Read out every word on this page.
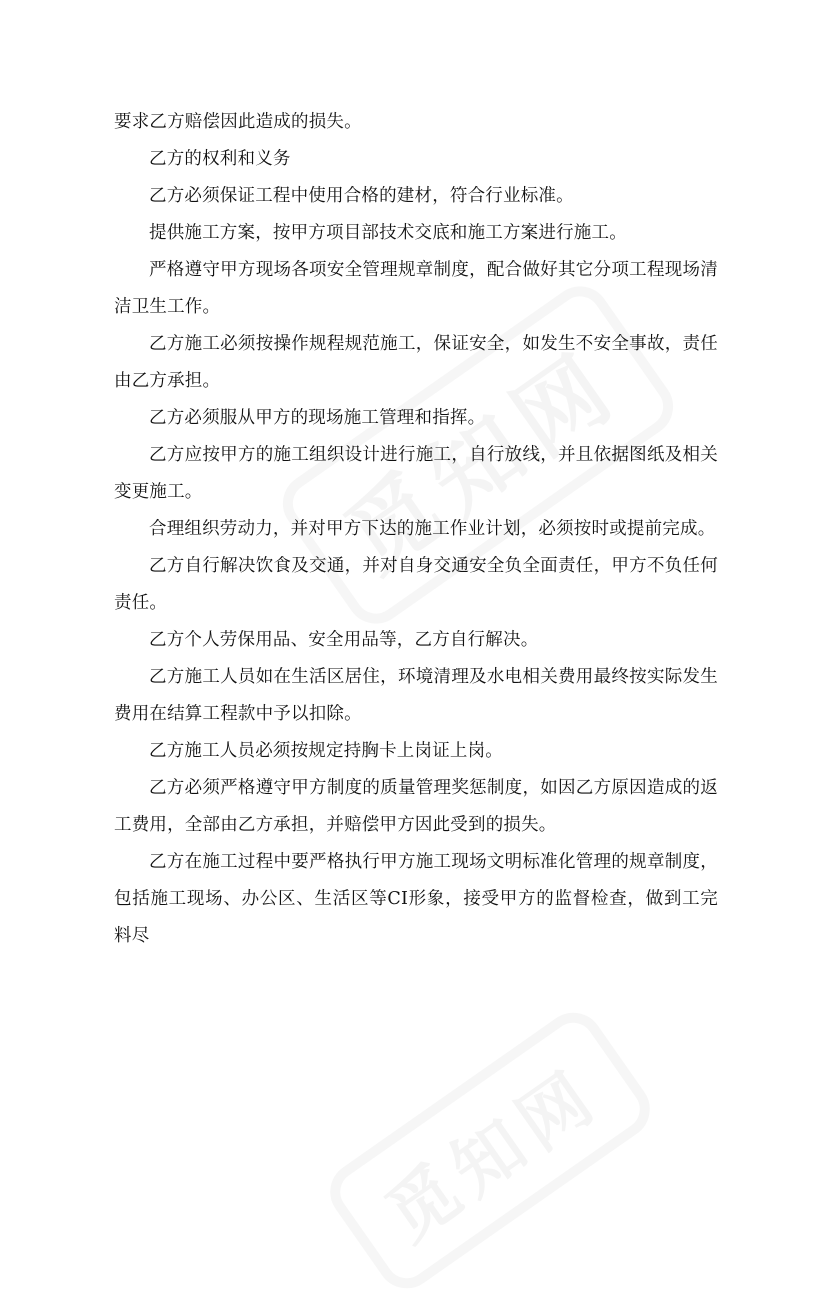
要求乙方赔偿因此造成的损失。

乙方的权利和义务

乙方必须保证工程中使用合格的建材，符合行业标准。

提供施工方案，按甲方项目部技术交底和施工方案进行施工。

严格遵守甲方现场各项安全管理规章制度，配合做好其它分项工程现场清洁卫生工作。

乙方施工必须按操作规程规范施工，保证安全，如发生不安全事故，责任由乙方承担。

乙方必须服从甲方的现场施工管理和指挥。

乙方应按甲方的施工组织设计进行施工，自行放线，并且依据图纸及相关变更施工。

合理组织劳动力，并对甲方下达的施工作业计划，必须按时或提前完成。

乙方自行解决饮食及交通，并对自身交通安全负全面责任，甲方不负任何责任。

乙方个人劳保用品、安全用品等，乙方自行解决。

乙方施工人员如在生活区居住，环境清理及水电相关费用最终按实际发生费用在结算工程款中予以扣除。

乙方施工人员必须按规定持胸卡上岗证上岗。

乙方必须严格遵守甲方制度的质量管理奖惩制度，如因乙方原因造成的返工费用，全部由乙方承担，并赔偿甲方因此受到的损失。

乙方在施工过程中要严格执行甲方施工现场文明标准化管理的规章制度，包括施工现场、办公区、生活区等CI形象，接受甲方的监督检查，做到工完料尽
